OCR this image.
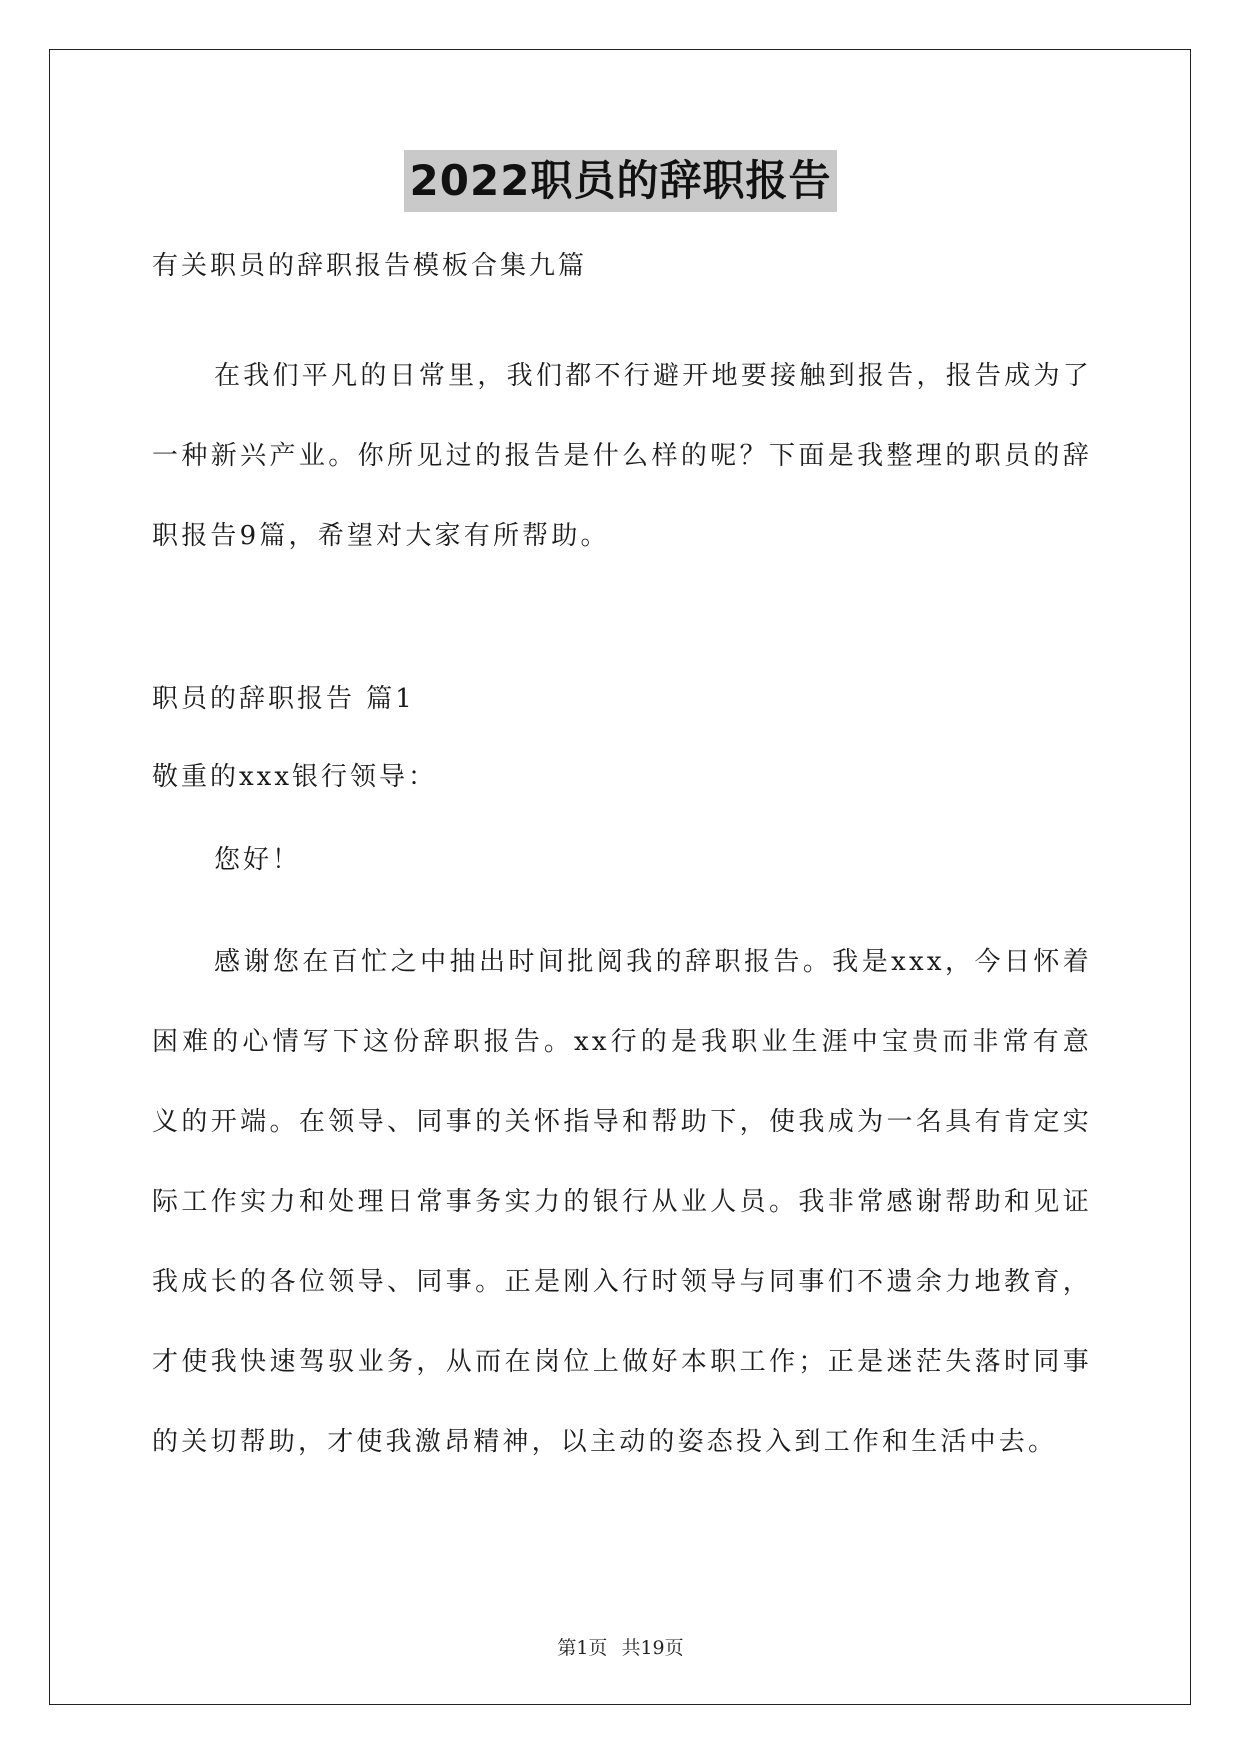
2022职员的辞职报告

有关职员的辞职报告模板合集九篇

在我们平凡的日常里，我们都不行避开地要接触到报告，报告成为了一种新兴产业。你所见过的报告是什么样的呢？下面是我整理的职员的辞职报告9篇，希望对大家有所帮助。

职员的辞职报告 篇1

敬重的xxx银行领导：

您好！

感谢您在百忙之中抽出时间批阅我的辞职报告。我是xxx，今日怀着困难的心情写下这份辞职报告。xx行的是我职业生涯中宝贵而非常有意义的开端。在领导、同事的关怀指导和帮助下，使我成为一名具有肯定实际工作实力和处理日常事务实力的银行从业人员。我非常感谢帮助和见证我成长的各位领导、同事。正是刚入行时领导与同事们不遗余力地教育，才使我快速驾驭业务，从而在岗位上做好本职工作；正是迷茫失落时同事的关切帮助，才使我激昂精神，以主动的姿态投入到工作和生活中去。

第1页 共19页
